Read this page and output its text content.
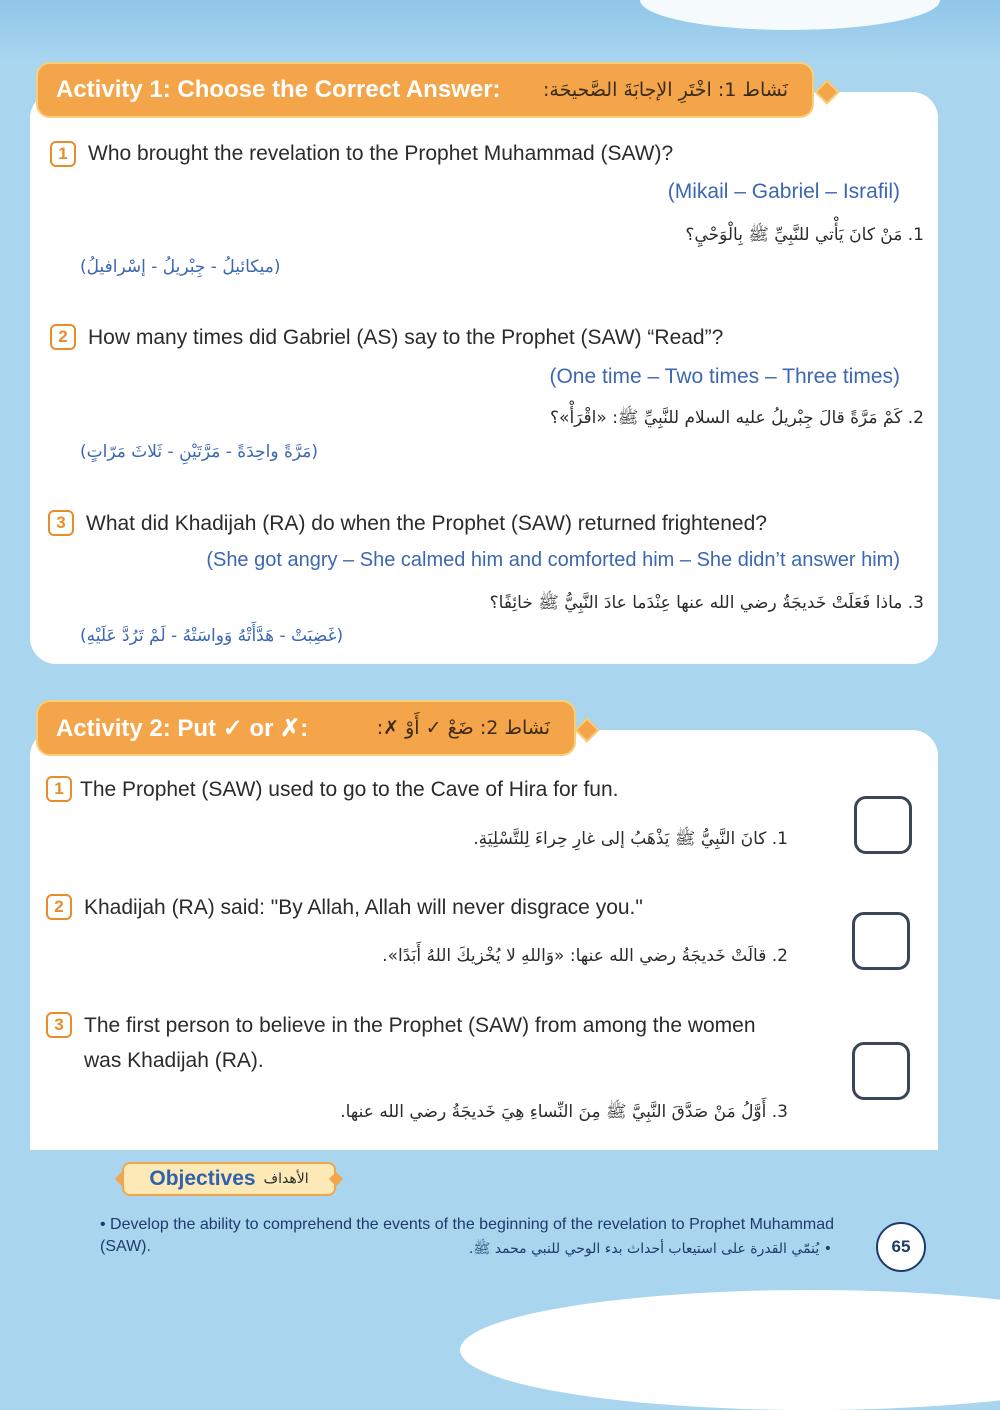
Activity 1: Choose the Correct Answer: نَشاط 1: اخْتَرِ الإجابَةَ الصَّحيحَة:
1 Who brought the revelation to the Prophet Muhammad (SAW)?
(Mikail – Gabriel – Israfil)
1. مَنْ كانَ يَأْتي للنَّبِيِّ ﷺ بِالْوَحْيِ؟
(ميكائيلُ - جِبْريلُ - إسْرافيلُ)
2 How many times did Gabriel (AS) say to the Prophet (SAW) “Read”?
(One time – Two times – Three times)
2. كَمْ مَرَّةً قالَ جِبْريلُ عليه السلام للنَّبِيِّ ﷺ: «اقْرَأْ»؟
(مَرَّةً واحِدَةً - مَرَّتَيْنِ - ثَلاثَ مَرّاتٍ)
3 What did Khadijah (RA) do when the Prophet (SAW) returned frightened?
(She got angry – She calmed him and comforted him – She didn’t answer him)
3. ماذا فَعَلَتْ خَديجَةُ رضي الله عنها عِنْدَما عادَ النَّبِيُّ ﷺ خائِفًا؟
(غَضِبَتْ - هَدَّأَتْهُ وَواسَتْهُ - لَمْ تَرُدَّ عَلَيْهِ)
Activity 2: Put ✓ or ✗:	نَشاط 2: ضَعْ ✓ أَوْ ✗:
1 The Prophet (SAW) used to go to the Cave of Hira for fun.
1. كانَ النَّبِيُّ ﷺ يَذْهَبُ إلى غارِ حِراءَ لِلتَّسْلِيَةِ.
2 Khadijah (RA) said: "By Allah, Allah will never disgrace you."
2. قالَتْ خَديجَةُ رضي الله عنها: «وَاللهِ لا يُخْزيكَ اللهُ أَبَدًا».
3 The first person to believe in the Prophet (SAW) from among the women
was Khadijah (RA).
3. أَوَّلُ مَنْ صَدَّقَ النَّبِيَّ ﷺ مِنَ النِّساءِ هِيَ خَديجَةُ رضي الله عنها.
Objectives الأهداف
• Develop the ability to comprehend the events of the beginning of the revelation to Prophet Muhammad (SAW).	• يُنمّي القدرة على استيعاب أحداث بدء الوحي للنبي محمد ﷺ.	65
